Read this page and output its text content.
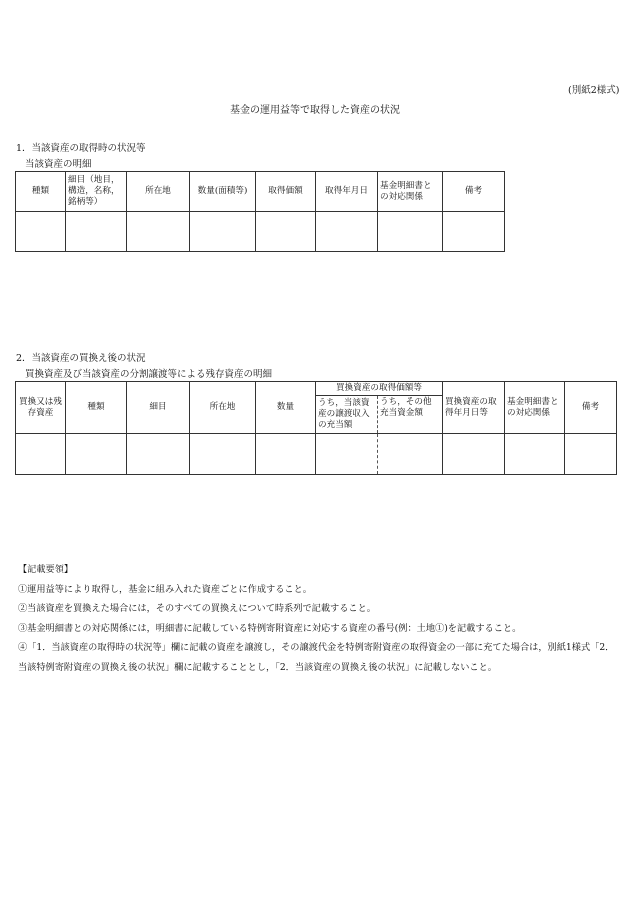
(別紙2様式)
基金の運用益等で取得した資産の状況
1．当該資産の取得時の状況等
当該資産の明細
種類	細目（地目，構造，名称，銘柄等）	所在地	数量(面積等)	取得価額	取得年月日	基金明細書との対応関係	備考

2．当該資産の買換え後の状況
買換資産及び当該資産の分割譲渡等による残存資産の明細
買換又は残存資産	種類	細目	所在地	数量	買換資産の取得価額等		買換資産の取得年月日等	基金明細書との対応関係	備考
					うち，当該資産の譲渡収入の充当額	うち，その他充当資金額			

【記載要領】
①運用益等により取得し，基金に組み入れた資産ごとに作成すること。
②当該資産を買換えた場合には，そのすべての買換えについて時系列で記載すること。
③基金明細書との対応関係には，明細書に記載している特例寄附資産に対応する資産の番号(例：土地①)を記載すること。
④「1．当該資産の取得時の状況等」欄に記載の資産を譲渡し，その譲渡代金を特例寄附資産の取得資金の一部に充てた場合は，別紙1様式「2．当該特例寄附資産の買換え後の状況」欄に記載することとし，「2．当該資産の買換え後の状況」に記載しないこと。
